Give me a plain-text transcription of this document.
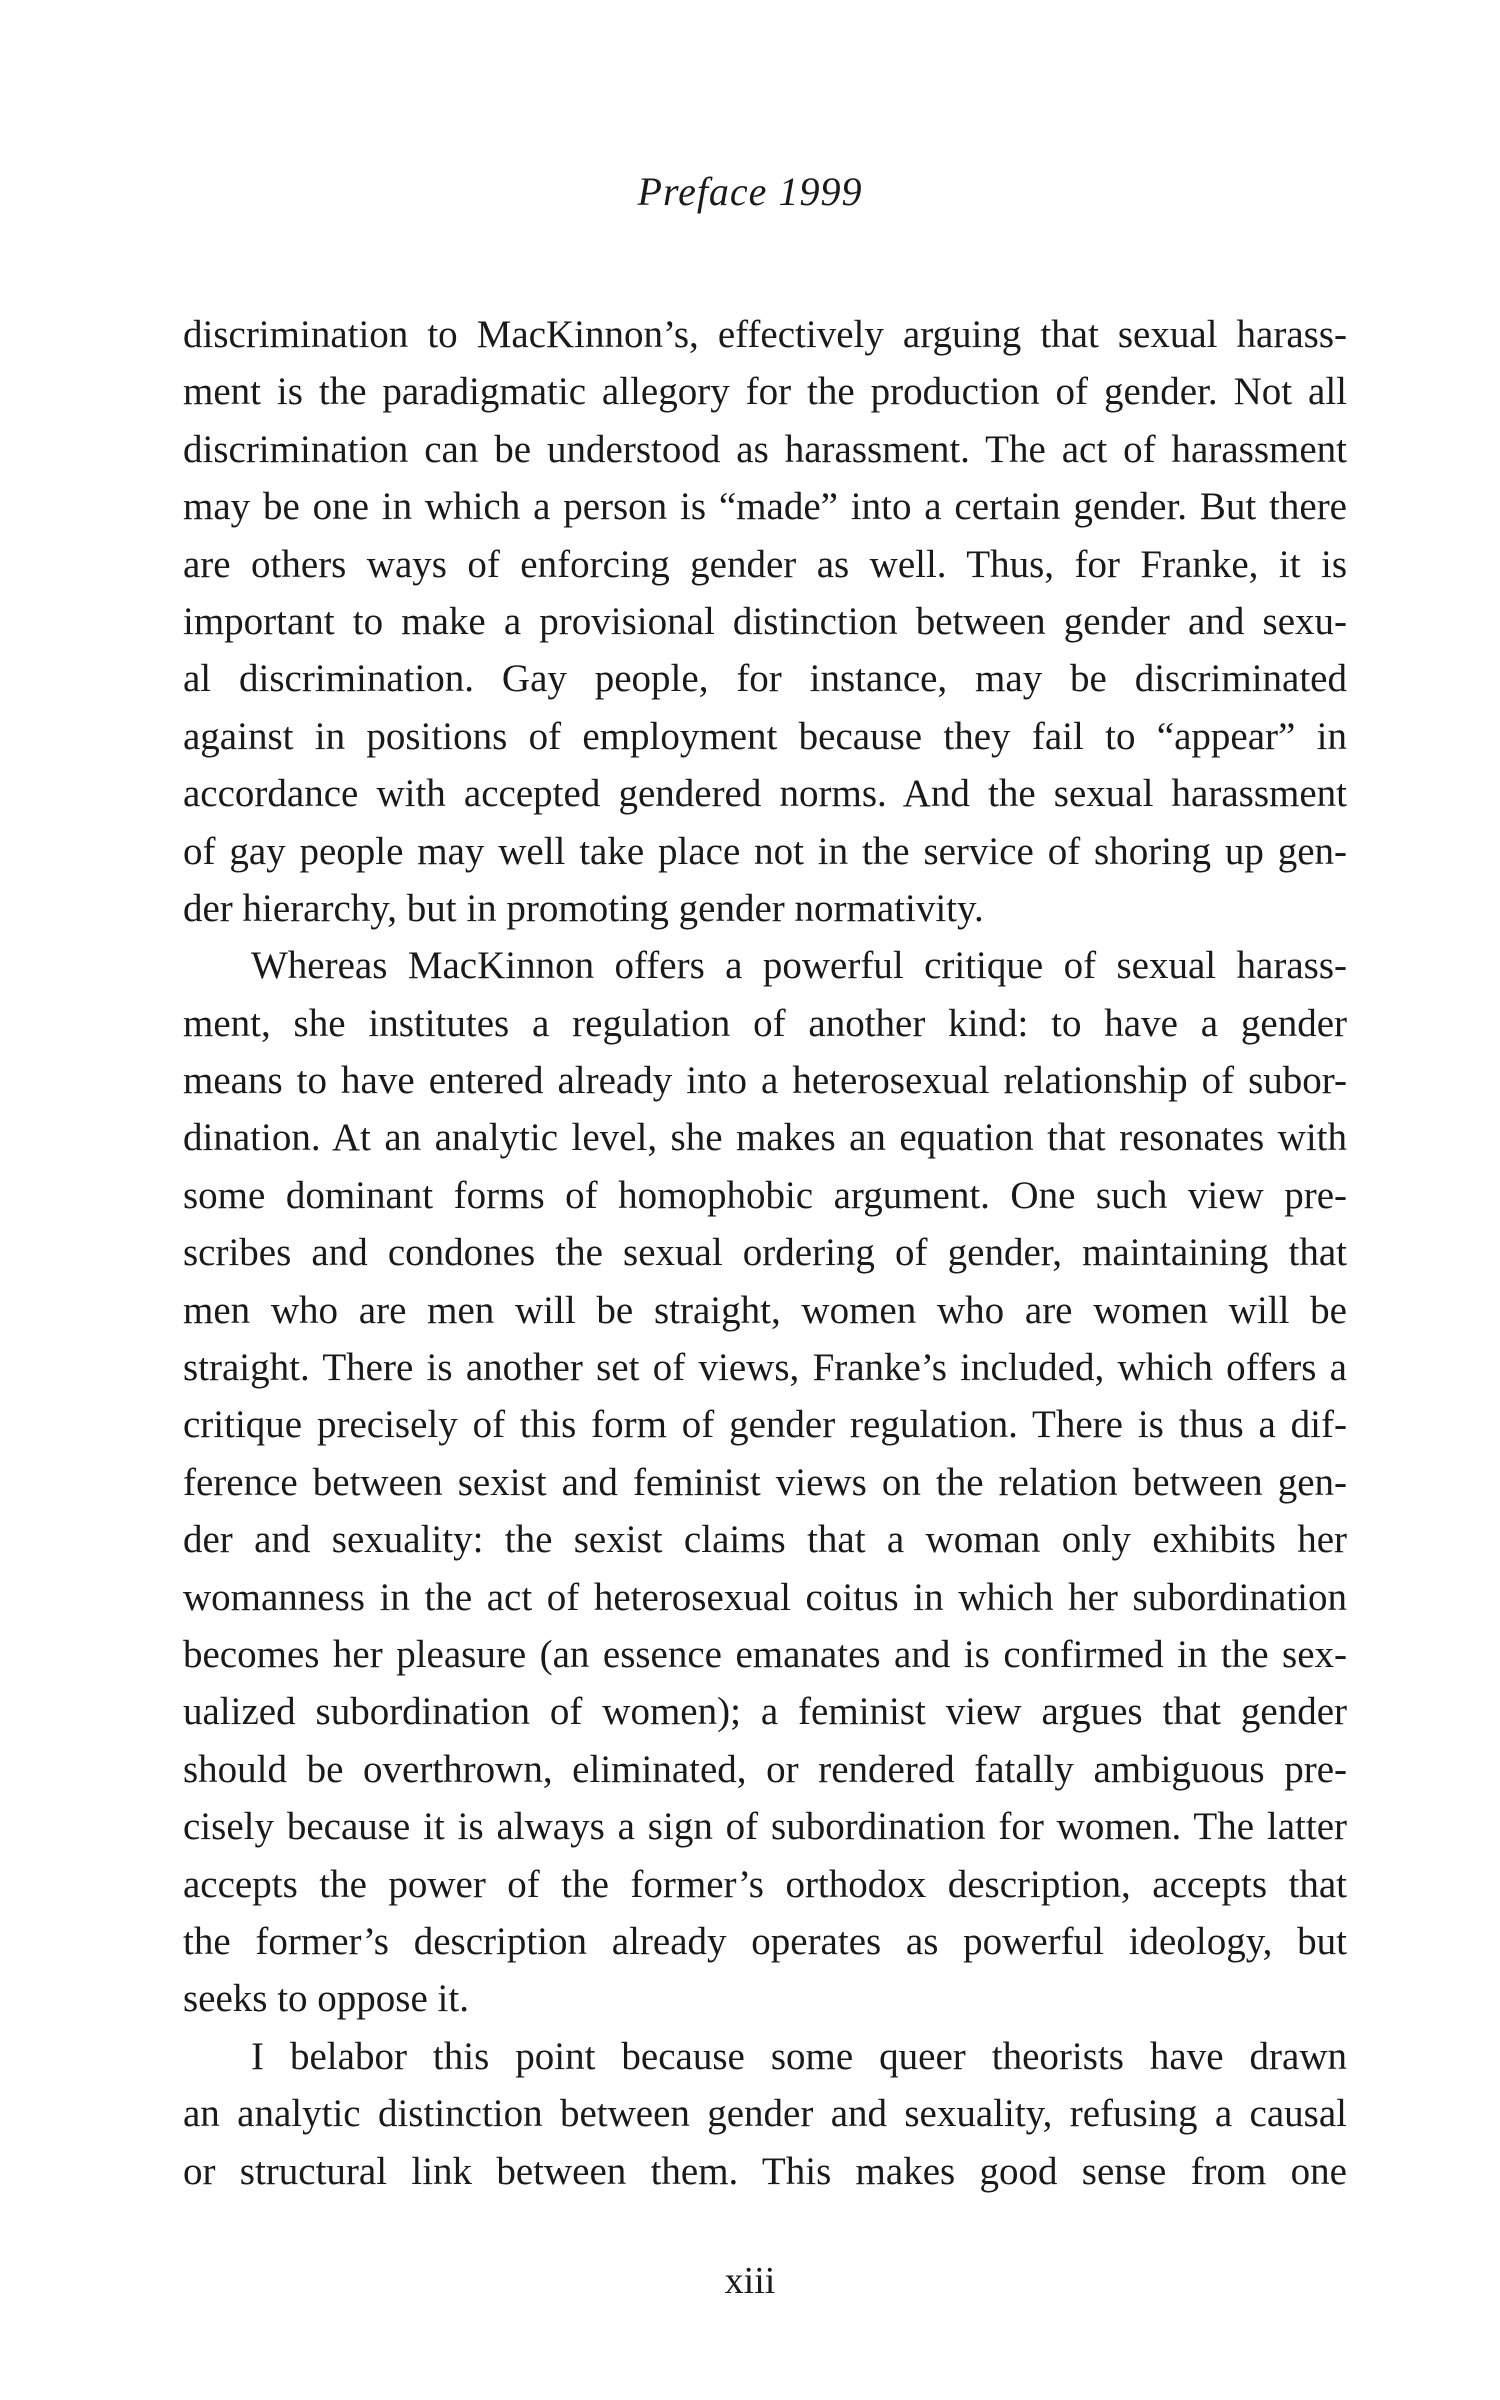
Preface 1999
discrimination to MacKinnon’s, effectively arguing that sexual harass-
ment is the paradigmatic allegory for the production of gender. Not all
discrimination can be understood as harassment. The act of harassment
may be one in which a person is “made” into a certain gender. But there
are others ways of enforcing gender as well. Thus, for Franke, it is
important to make a provisional distinction between gender and sexu-
al discrimination. Gay people, for instance, may be discriminated
against in positions of employment because they fail to “appear” in
accordance with accepted gendered norms. And the sexual harassment
of gay people may well take place not in the service of shoring up gen-
der hierarchy, but in promoting gender normativity.
Whereas MacKinnon offers a powerful critique of sexual harass-
ment, she institutes a regulation of another kind: to have a gender
means to have entered already into a heterosexual relationship of subor-
dination. At an analytic level, she makes an equation that resonates with
some dominant forms of homophobic argument. One such view pre-
scribes and condones the sexual ordering of gender, maintaining that
men who are men will be straight, women who are women will be
straight. There is another set of views, Franke’s included, which offers a
critique precisely of this form of gender regulation. There is thus a dif-
ference between sexist and feminist views on the relation between gen-
der and sexuality: the sexist claims that a woman only exhibits her
womanness in the act of heterosexual coitus in which her subordination
becomes her pleasure (an essence emanates and is confirmed in the sex-
ualized subordination of women); a feminist view argues that gender
should be overthrown, eliminated, or rendered fatally ambiguous pre-
cisely because it is always a sign of subordination for women. The latter
accepts the power of the former’s orthodox description, accepts that
the former’s description already operates as powerful ideology, but
seeks to oppose it.
I belabor this point because some queer theorists have drawn
an analytic distinction between gender and sexuality, refusing a causal
or structural link between them. This makes good sense from one
xiii
